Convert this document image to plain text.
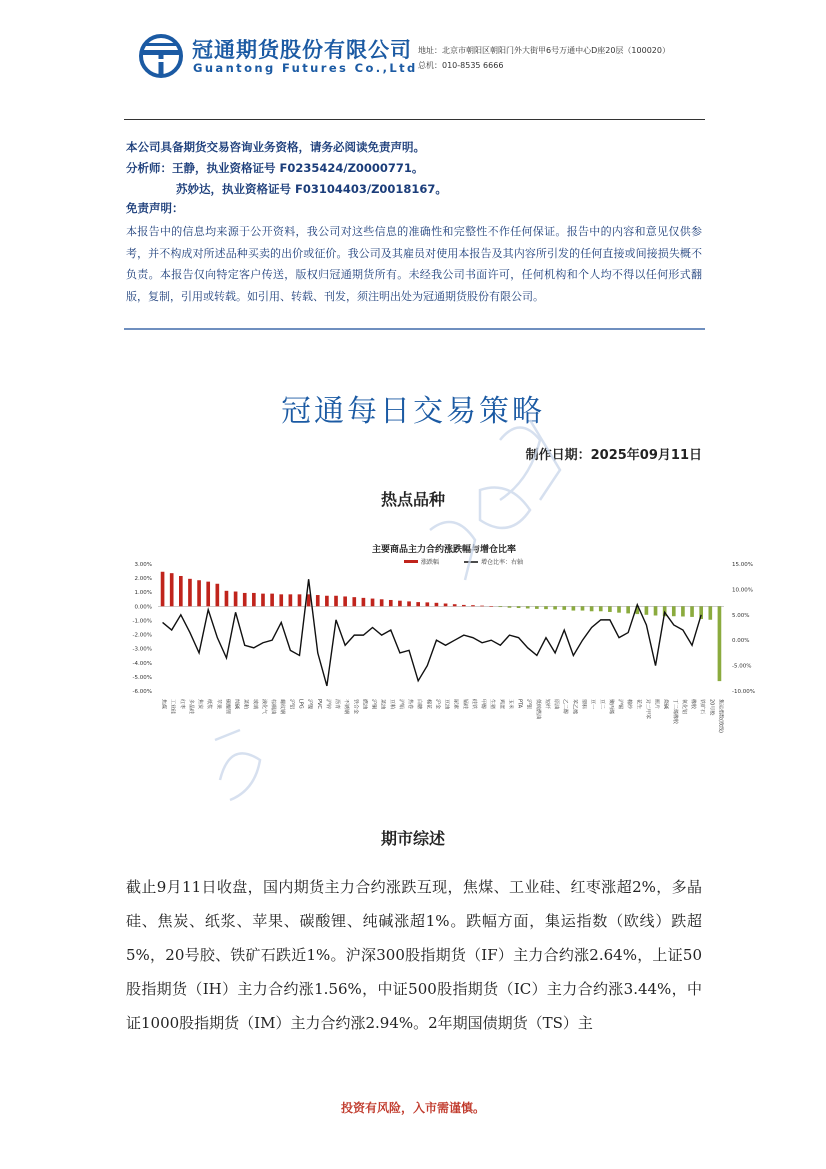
冠通期货股份有限公司
Guantong Futures Co.,Ltd
地址：北京市朝阳区朝阳门外大街甲6号万通中心D座20层（100020）
总机：010-8535 6666
本公司具备期货交易咨询业务资格，请务必阅读免责声明。
分析师：王静，执业资格证号 F0235424/Z0000771。
苏妙达，执业资格证号 F03104403/Z0018167。
免责声明：
本报告中的信息均来源于公开资料，我公司对这些信息的准确性和完整性不作任何保证。报告中的内容和意见仅供参考，并不构成对所述品种买卖的出价或征价。我公司及其雇员对使用本报告及其内容所引发的任何直接或间接损失概不负责。本报告仅向特定客户传送，版权归冠通期货所有。未经我公司书面许可，任何机构和个人均不得以任何形式翻版，复制，引用或转载。如引用、转载、刊发，须注明出处为冠通期货股份有限公司。
冠通每日交易策略
制作日期：2025年09月11日
热点品种
主要商品主力合约涨跌幅与增仓比率
涨跌幅	增仓比率：右轴
3.00%
2.00%
1.00%
0.00%
-1.00%
-2.00%
-3.00%
-4.00%
-5.00%
-6.00%
15.00%
10.00%
5.00%
0.00%
-5.00%
-10.00%
焦煤 工业硅 红枣 多晶硅 焦炭 纸浆 苹果 碳酸锂 纯碱 菜粕 玻璃 液化气 棕榈油 螺纹钢 沪铝 LPG 沪镍 PVC 沪锌 沥青 不锈钢 铁合金 燃油 沪铜 菜油 豆粕 沪铅 热卷 白糖 棉花 沪金 豆油 尿素 锰硅 硅铁 甲醇 生猪 鸡蛋 玉米 PTA 沪银 低硫燃油 短纤 原油 乙二醇 苯乙烯 塑料 豆一 豆二 聚丙烯 沪锡 棉纱 花生 对二甲苯 瓶片 烧碱 丁二烯橡胶 氧化铝 橡胶 铁矿石 20号胶 集运指数(欧线)
期市综述
截止9月11日收盘，国内期货主力合约涨跌互现，焦煤、工业硅、红枣涨超2%，多晶硅、焦炭、纸浆、苹果、碳酸锂、纯碱涨超1%。跌幅方面，集运指数（欧线）跌超5%，20号胶、铁矿石跌近1%。沪深300股指期货（IF）主力合约涨2.64%，上证50股指期货（IH）主力合约涨1.56%，中证500股指期货（IC）主力合约涨3.44%，中证1000股指期货（IM）主力合约涨2.94%。2年期国债期货（TS）主
投资有风险，入市需谨慎。
